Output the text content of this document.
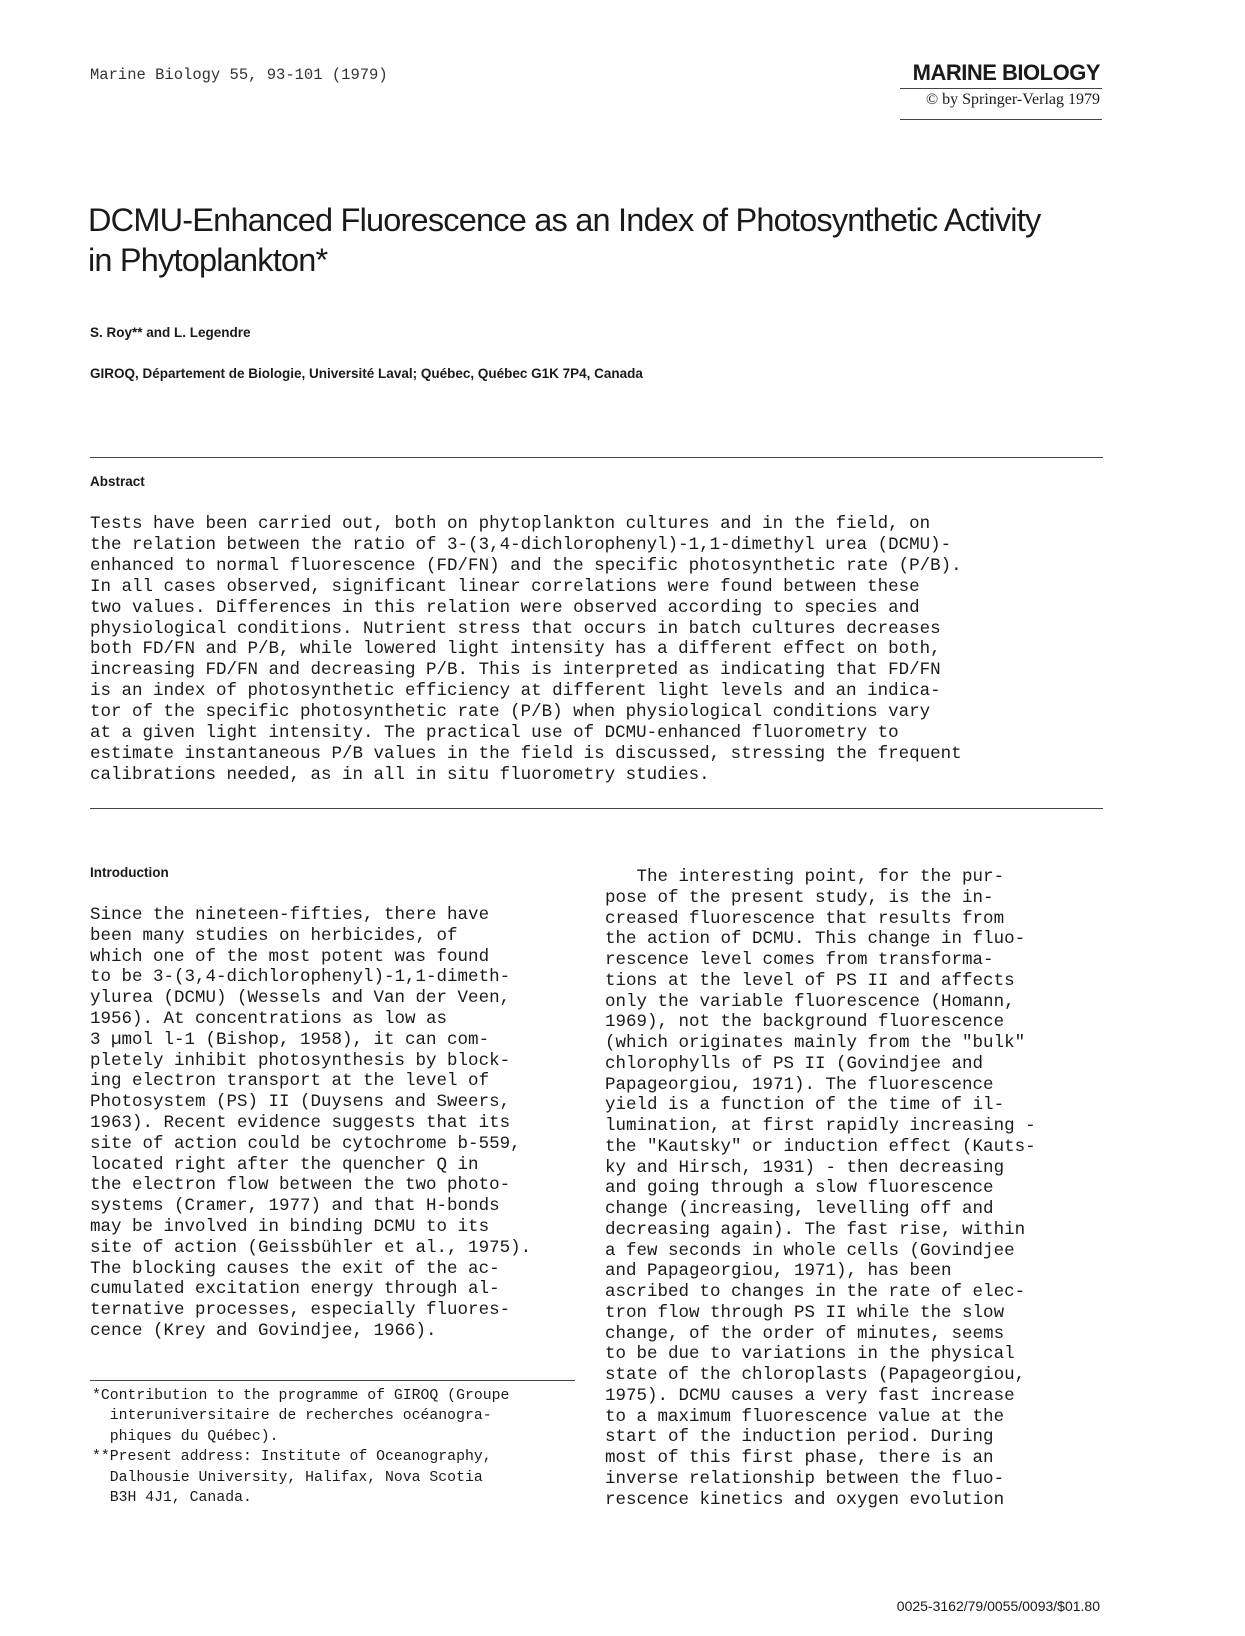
Marine Biology 55, 93-101 (1979)	MARINE BIOLOGY
© by Springer-Verlag 1979
DCMU-Enhanced Fluorescence as an Index of Photosynthetic Activity
in Phytoplankton*
S. Roy** and L. Legendre
GIROQ, Département de Biologie, Université Laval; Québec, Québec G1K 7P4, Canada
Abstract
Tests have been carried out, both on phytoplankton cultures and in the field, on
the relation between the ratio of 3-(3,4-dichlorophenyl)-1,1-dimethyl urea (DCMU)-
enhanced to normal fluorescence (FD/FN) and the specific photosynthetic rate (P/B).
In all cases observed, significant linear correlations were found between these
two values. Differences in this relation were observed according to species and
physiological conditions. Nutrient stress that occurs in batch cultures decreases
both FD/FN and P/B, while lowered light intensity has a different effect on both,
increasing FD/FN and decreasing P/B. This is interpreted as indicating that FD/FN
is an index of photosynthetic efficiency at different light levels and an indica-
tor of the specific photosynthetic rate (P/B) when physiological conditions vary
at a given light intensity. The practical use of DCMU-enhanced fluorometry to
estimate instantaneous P/B values in the field is discussed, stressing the frequent
calibrations needed, as in all in situ fluorometry studies.
Introduction
Since the nineteen-fifties, there have
been many studies on herbicides, of
which one of the most potent was found
to be 3-(3,4-dichlorophenyl)-1,1-dimeth-
ylurea (DCMU) (Wessels and Van der Veen,
1956). At concentrations as low as
3 µmol l-1 (Bishop, 1958), it can com-
pletely inhibit photosynthesis by block-
ing electron transport at the level of
Photosystem (PS) II (Duysens and Sweers,
1963). Recent evidence suggests that its
site of action could be cytochrome b-559,
located right after the quencher Q in
the electron flow between the two photo-
systems (Cramer, 1977) and that H-bonds
may be involved in binding DCMU to its
site of action (Geissbühler et al., 1975).
The blocking causes the exit of the ac-
cumulated excitation energy through al-
ternative processes, especially fluores-
cence (Krey and Govindjee, 1966).
*Contribution to the programme of GIROQ (Groupe
interuniversitaire de recherches océanogra-
phiques du Québec).
**Present address: Institute of Oceanography,
Dalhousie University, Halifax, Nova Scotia
B3H 4J1, Canada.
The interesting point, for the pur-
pose of the present study, is the in-
creased fluorescence that results from
the action of DCMU. This change in fluo-
rescence level comes from transforma-
tions at the level of PS II and affects
only the variable fluorescence (Homann,
1969), not the background fluorescence
(which originates mainly from the "bulk"
chlorophylls of PS II (Govindjee and
Papageorgiou, 1971). The fluorescence
yield is a function of the time of il-
lumination, at first rapidly increasing -
the "Kautsky" or induction effect (Kauts-
ky and Hirsch, 1931) - then decreasing
and going through a slow fluorescence
change (increasing, levelling off and
decreasing again). The fast rise, within
a few seconds in whole cells (Govindjee
and Papageorgiou, 1971), has been
ascribed to changes in the rate of elec-
tron flow through PS II while the slow
change, of the order of minutes, seems
to be due to variations in the physical
state of the chloroplasts (Papageorgiou,
1975). DCMU causes a very fast increase
to a maximum fluorescence value at the
start of the induction period. During
most of this first phase, there is an
inverse relationship between the fluo-
rescence kinetics and oxygen evolution
0025-3162/79/0055/0093/$01.80
